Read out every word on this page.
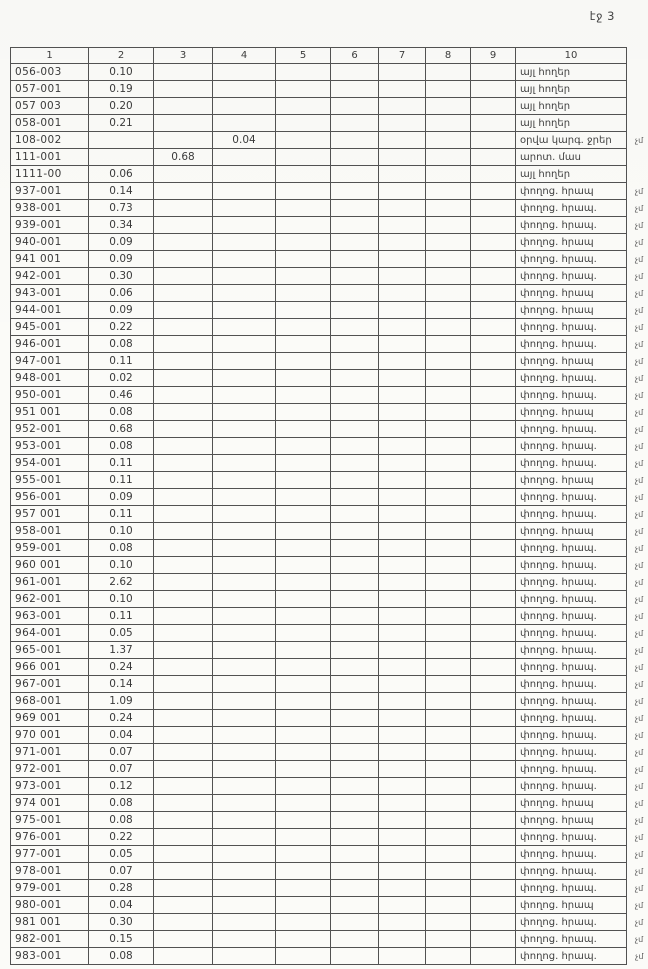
էջ 3
1	2	3	4	5	6	7	8	9	10	
056-003	0.10								այլ հողեր	
057-001	0.19								այլ հողեր	
057 003	0.20								այլ հողեր	
058-001	0.21								այլ հողեր	
108-002			0.04						օրվա կարգ. ջրեր	չմ
111-001		0.68							արոտ. մաս	
1111-00	0.06								այլ հողեր	
937-001	0.14								փողոց. հրապ	չմ
938-001	0.73								փողոց. հրապ.	չմ
939-001	0.34								փողոց. հրապ.	չմ
940-001	0.09								փողոց. հրապ	չմ
941 001	0.09								փողոց. հրապ.	չմ
942-001	0.30								փողոց. հրապ.	չմ
943-001	0.06								փողոց. հրապ	չմ
944-001	0.09								փողոց. հրապ	չմ
945-001	0.22								փողոց. հրապ.	չմ
946-001	0.08								փողոց. հրապ.	չմ
947-001	0.11								փողոց. հրապ	չմ
948-001	0.02								փողոց. հրապ.	չմ
950-001	0.46								փողոց. հրապ.	չմ
951 001	0.08								փողոց. հրապ	չմ
952-001	0.68								փողոց. հրապ.	չմ
953-001	0.08								փողոց. հրապ.	չմ
954-001	0.11								փողոց. հրապ.	չմ
955-001	0.11								փողոց. հրապ	չմ
956-001	0.09								փողոց. հրապ.	չմ
957 001	0.11								փողոց. հրապ.	չմ
958-001	0.10								փողոց. հրապ	չմ
959-001	0.08								փողոց. հրապ.	չմ
960 001	0.10								փողոց. հրապ.	չմ
961-001	2.62								փողոց. հրապ.	չմ
962-001	0.10								փողոց. հրապ.	չմ
963-001	0.11								փողոց. հրապ.	չմ
964-001	0.05								փողոց. հրապ.	չմ
965-001	1.37								փողոց. հրապ.	չմ
966 001	0.24								փողոց. հրապ.	չմ
967-001	0.14								փողոց. հրապ.	չմ
968-001	1.09								փողոց. հրապ.	չմ
969 001	0.24								փողոց. հրապ.	չմ
970 001	0.04								փողոց. հրապ.	չմ
971-001	0.07								փողոց. հրապ.	չմ
972-001	0.07								փողոց. հրապ.	չմ
973-001	0.12								փողոց. հրապ.	չմ
974 001	0.08								փողոց. հրապ	չմ
975-001	0.08								փողոց. հրապ	չմ
976-001	0.22								փողոց. հրապ.	չմ
977-001	0.05								փողոց. հրապ.	չմ
978-001	0.07								փողոց. հրապ.	չմ
979-001	0.28								փողոց. հրապ.	չմ
980-001	0.04								փողոց. հրապ	չմ
981 001	0.30								փողոց. հրապ.	չմ
982-001	0.15								փողոց. հրապ.	չմ
983-001	0.08								փողոց. հրապ.	չմ
